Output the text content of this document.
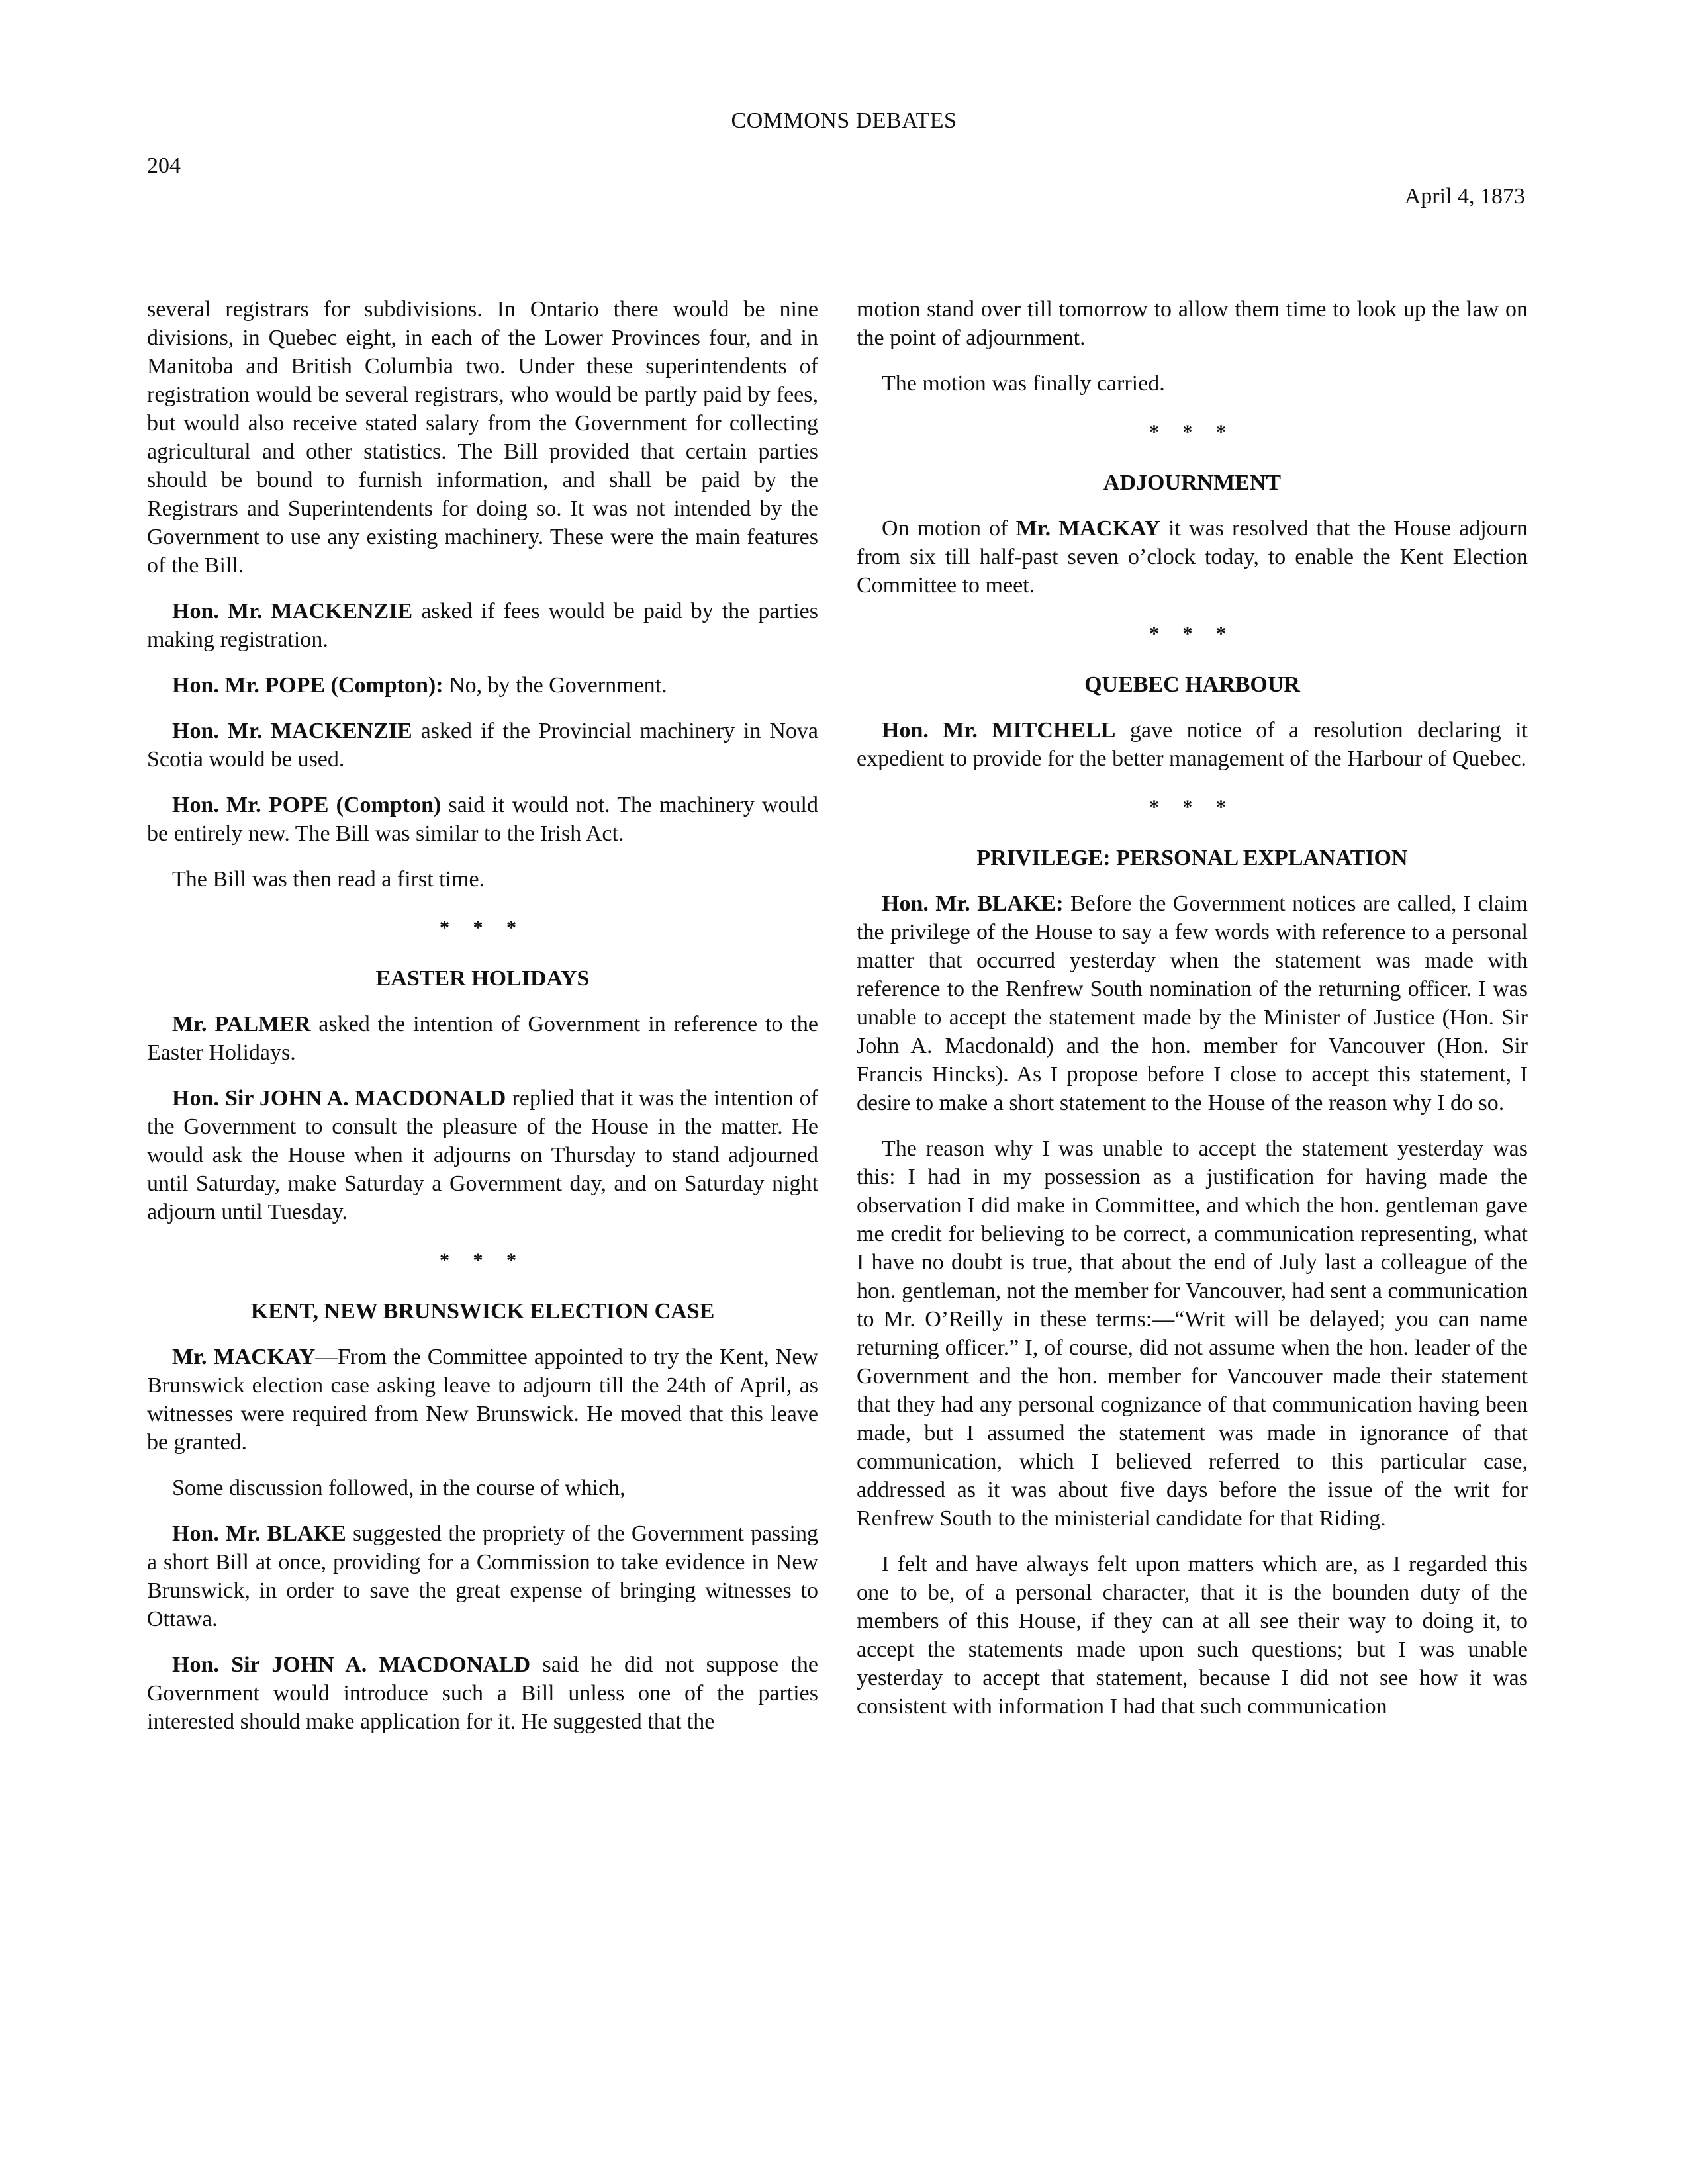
COMMONS DEBATES
204
April 4, 1873

several registrars for subdivisions. In Ontario there would be nine divisions, in Quebec eight, in each of the Lower Provinces four, and in Manitoba and British Columbia two. Under these superintendents of registration would be several registrars, who would be partly paid by fees, but would also receive stated salary from the Government for collecting agricultural and other statistics. The Bill provided that certain parties should be bound to furnish information, and shall be paid by the Registrars and Superintendents for doing so. It was not intended by the Government to use any existing machinery. These were the main features of the Bill.

Hon. Mr. MACKENZIE asked if fees would be paid by the parties making registration.

Hon. Mr. POPE (Compton): No, by the Government.

Hon. Mr. MACKENZIE asked if the Provincial machinery in Nova Scotia would be used.

Hon. Mr. POPE (Compton) said it would not. The machinery would be entirely new. The Bill was similar to the Irish Act.

The Bill was then read a first time.

* * *
EASTER HOLIDAYS

Mr. PALMER asked the intention of Government in reference to the Easter Holidays.

Hon. Sir JOHN A. MACDONALD replied that it was the intention of the Government to consult the pleasure of the House in the matter. He would ask the House when it adjourns on Thursday to stand adjourned until Saturday, make Saturday a Government day, and on Saturday night adjourn until Tuesday.

* * *
KENT, NEW BRUNSWICK ELECTION CASE

Mr. MACKAY—From the Committee appointed to try the Kent, New Brunswick election case asking leave to adjourn till the 24th of April, as witnesses were required from New Brunswick. He moved that this leave be granted.

Some discussion followed, in the course of which,

Hon. Mr. BLAKE suggested the propriety of the Government passing a short Bill at once, providing for a Commission to take evidence in New Brunswick, in order to save the great expense of bringing witnesses to Ottawa.

Hon. Sir JOHN A. MACDONALD said he did not suppose the Government would introduce such a Bill unless one of the parties interested should make application for it. He suggested that the

motion stand over till tomorrow to allow them time to look up the law on the point of adjournment.

The motion was finally carried.

* * *
ADJOURNMENT

On motion of Mr. MACKAY it was resolved that the House adjourn from six till half-past seven o’clock today, to enable the Kent Election Committee to meet.

* * *
QUEBEC HARBOUR

Hon. Mr. MITCHELL gave notice of a resolution declaring it expedient to provide for the better management of the Harbour of Quebec.

* * *
PRIVILEGE: PERSONAL EXPLANATION

Hon. Mr. BLAKE: Before the Government notices are called, I claim the privilege of the House to say a few words with reference to a personal matter that occurred yesterday when the statement was made with reference to the Renfrew South nomination of the returning officer. I was unable to accept the statement made by the Minister of Justice (Hon. Sir John A. Macdonald) and the hon. member for Vancouver (Hon. Sir Francis Hincks). As I propose before I close to accept this statement, I desire to make a short statement to the House of the reason why I do so.

The reason why I was unable to accept the statement yesterday was this: I had in my possession as a justification for having made the observation I did make in Committee, and which the hon. gentleman gave me credit for believing to be correct, a communication representing, what I have no doubt is true, that about the end of July last a colleague of the hon. gentleman, not the member for Vancouver, had sent a communication to Mr. O’Reilly in these terms:—“Writ will be delayed; you can name returning officer.” I, of course, did not assume when the hon. leader of the Government and the hon. member for Vancouver made their statement that they had any personal cognizance of that communication having been made, but I assumed the statement was made in ignorance of that communication, which I believed referred to this particular case, addressed as it was about five days before the issue of the writ for Renfrew South to the ministerial candidate for that Riding.

I felt and have always felt upon matters which are, as I regarded this one to be, of a personal character, that it is the bounden duty of the members of this House, if they can at all see their way to doing it, to accept the statements made upon such questions; but I was unable yesterday to accept that statement, because I did not see how it was consistent with information I had that such communication
